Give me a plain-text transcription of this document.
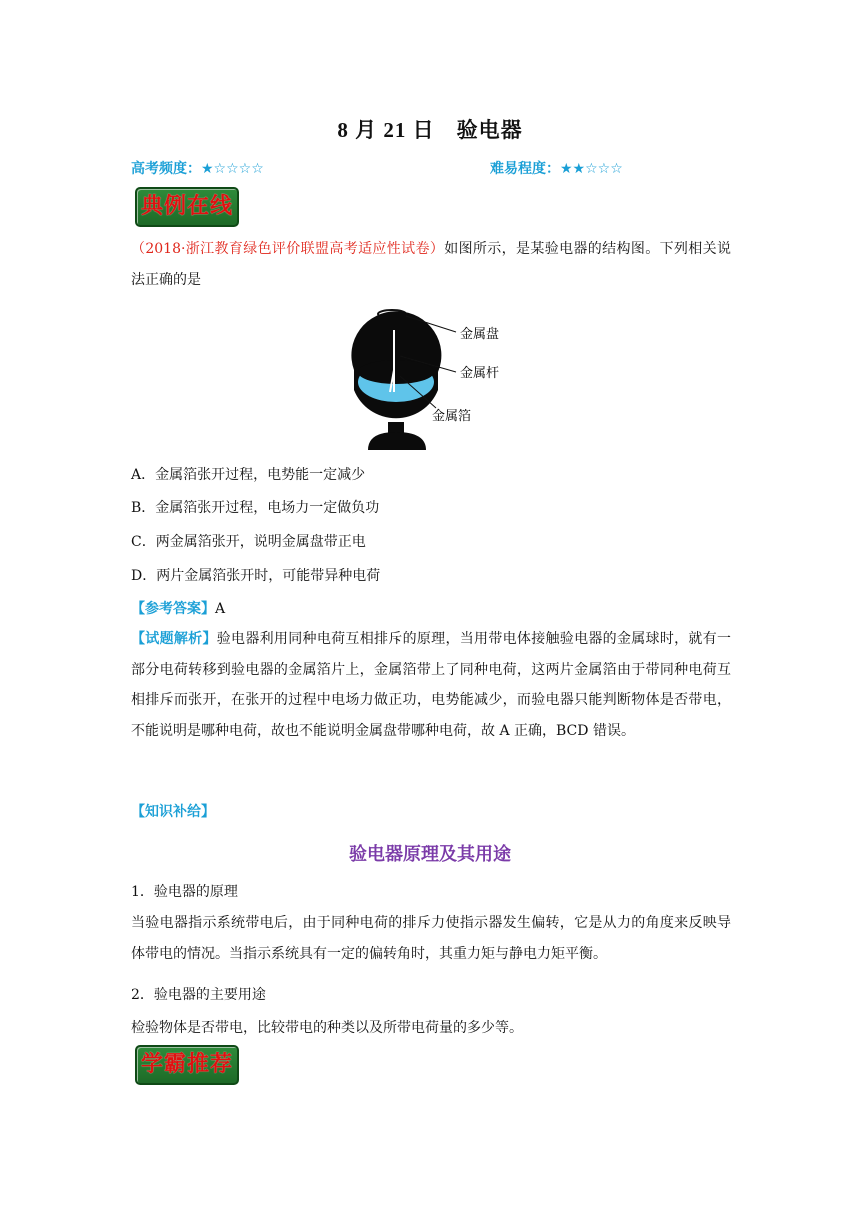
8 月 21 日　验电器
高考频度：★☆☆☆☆	难易程度：★★☆☆☆
典例在线
（2018·浙江教育绿色评价联盟高考适应性试卷）如图所示，是某验电器的结构图。下列相关说法正确的是
金属盘
金属杆
金属箔
A．金属箔张开过程，电势能一定减少
B．金属箔张开过程，电场力一定做负功
C．两金属箔张开，说明金属盘带正电
D．两片金属箔张开时，可能带异种电荷
【参考答案】A
【试题解析】验电器利用同种电荷互相排斥的原理，当用带电体接触验电器的金属球时，就有一部分电荷转移到验电器的金属箔片上，金属箔带上了同种电荷，这两片金属箔由于带同种电荷互相排斥而张开，在张开的过程中电场力做正功，电势能减少，而验电器只能判断物体是否带电，不能说明是哪种电荷，故也不能说明金属盘带哪种电荷，故 A 正确，BCD 错误。
【知识补给】
验电器原理及其用途
1．验电器的原理
当验电器指示系统带电后，由于同种电荷的排斥力使指示器发生偏转，它是从力的角度来反映导体带电的情况。当指示系统具有一定的偏转角时，其重力矩与静电力矩平衡。
2．验电器的主要用途
检验物体是否带电，比较带电的种类以及所带电荷量的多少等。
学霸推荐
